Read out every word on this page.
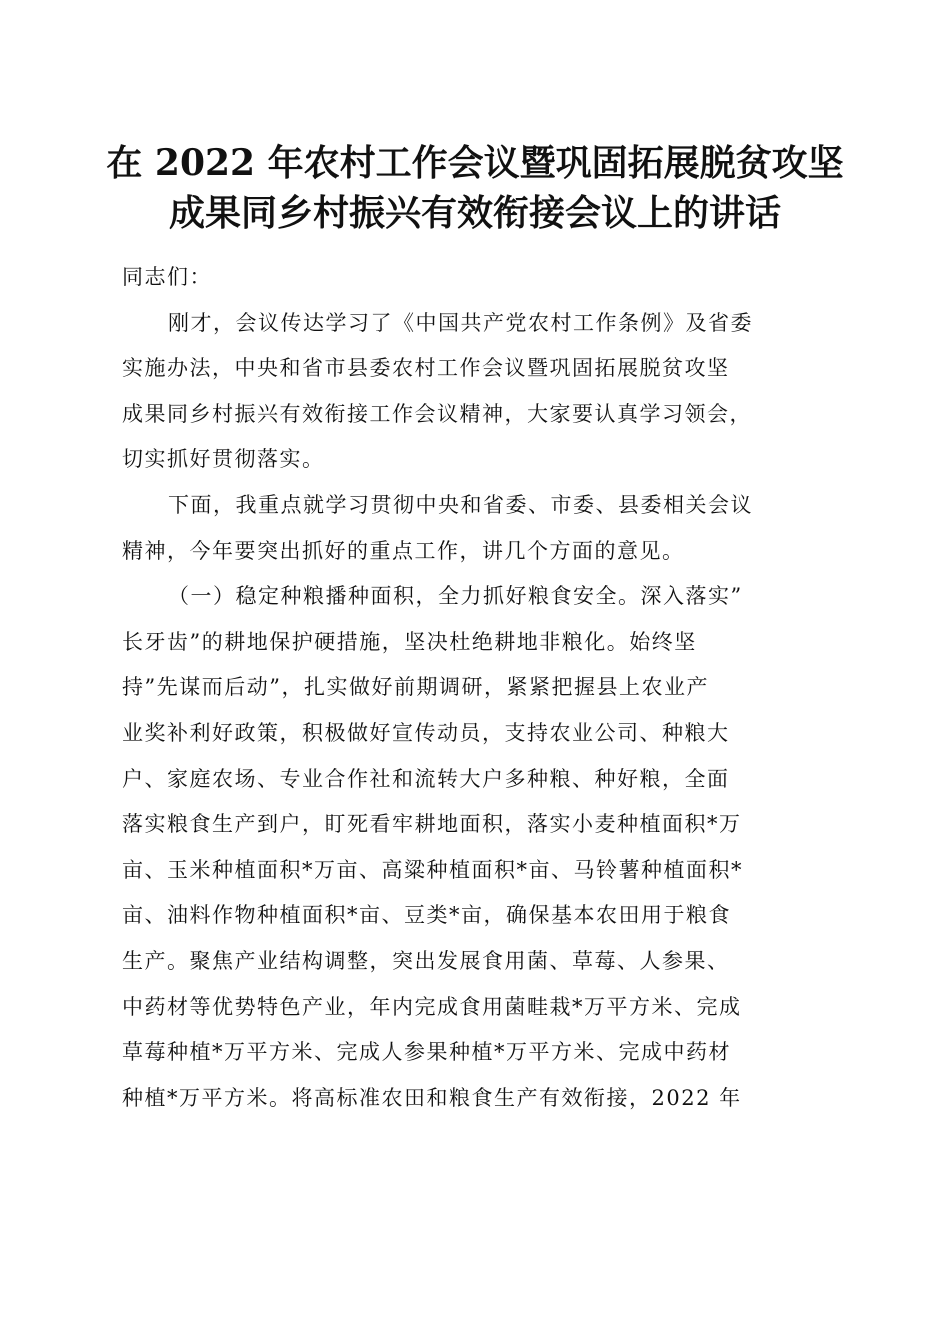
在 2022 年农村工作会议暨巩固拓展脱贫攻坚
成果同乡村振兴有效衔接会议上的讲话

同志们：

刚才，会议传达学习了《中国共产党农村工作条例》及省委
实施办法，中央和省市县委农村工作会议暨巩固拓展脱贫攻坚
成果同乡村振兴有效衔接工作会议精神，大家要认真学习领会，
切实抓好贯彻落实。

下面，我重点就学习贯彻中央和省委、市委、县委相关会议
精神，今年要突出抓好的重点工作，讲几个方面的意见。

（一）稳定种粮播种面积，全力抓好粮食安全。深入落实”
长牙齿”的耕地保护硬措施，坚决杜绝耕地非粮化。始终坚
持”先谋而后动”，扎实做好前期调研，紧紧把握县上农业产
业奖补利好政策，积极做好宣传动员，支持农业公司、种粮大
户、家庭农场、专业合作社和流转大户多种粮、种好粮，全面
落实粮食生产到户，盯死看牢耕地面积，落实小麦种植面积*万
亩、玉米种植面积*万亩、高粱种植面积*亩、马铃薯种植面积*
亩、油料作物种植面积*亩、豆类*亩，确保基本农田用于粮食
生产。聚焦产业结构调整，突出发展食用菌、草莓、人参果、
中药材等优势特色产业，年内完成食用菌畦栽*万平方米、完成
草莓种植*万平方米、完成人参果种植*万平方米、完成中药材
种植*万平方米。将高标准农田和粮食生产有效衔接，2022 年
